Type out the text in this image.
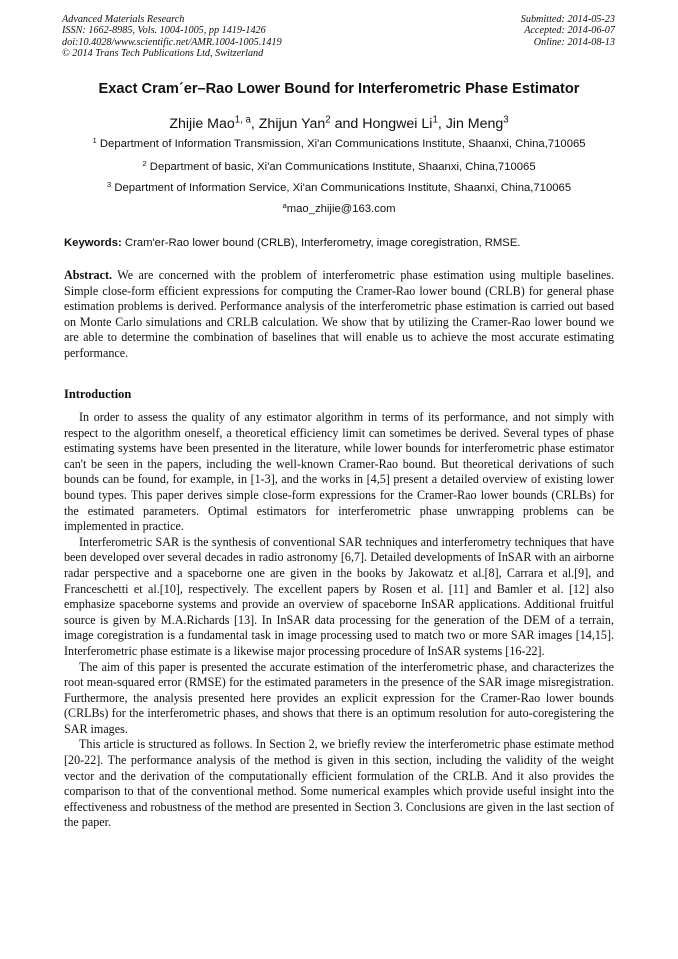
Advanced Materials Research
ISSN: 1662-8985, Vols. 1004-1005, pp 1419-1426
doi:10.4028/www.scientific.net/AMR.1004-1005.1419
© 2014 Trans Tech Publications Ltd, Switzerland
Submitted: 2014-05-23
Accepted: 2014-06-07
Online: 2014-08-13
Exact Cram´er–Rao Lower Bound for Interferometric Phase Estimator
Zhijie Mao$^{1, a}$, Zhijun Yan$^2$ and Hongwei Li$^1$, Jin Meng$^3$
$^1$ Department of Information Transmission, Xi'an Communications Institute, Shaanxi, China,710065
$^2$ Department of basic, Xi'an Communications Institute, Shaanxi, China,710065
$^3$ Department of Information Service, Xi'an Communications Institute, Shaanxi, China,710065
$^a$mao_zhijie@163.com
Keywords: Cram'er-Rao lower bound (CRLB), Interferometry, image coregistration, RMSE.

Abstract. We are concerned with the problem of interferometric phase estimation using multiple baselines. Simple close-form efficient expressions for computing the Cramer-Rao lower bound (CRLB) for general phase estimation problems is derived. Performance analysis of the interferometric phase estimation is carried out based on Monte Carlo simulations and CRLB calculation. We show that by utilizing the Cramer-Rao lower bound we are able to determine the combination of baselines that will enable us to achieve the most accurate estimating performance.

Introduction

In order to assess the quality of any estimator algorithm in terms of its performance, and not simply with respect to the algorithm oneself, a theoretical efficiency limit can sometimes be derived. Several types of phase estimating systems have been presented in the literature, while lower bounds for interferometric phase estimator can't be seen in the papers, including the well-known Cramer-Rao bound. But theoretical derivations of such bounds can be found, for example, in [1-3], and the works in [4,5] present a detailed overview of existing lower bound types. This paper derives simple close-form expressions for the Cramer-Rao lower bounds (CRLBs) for the estimated parameters. Optimal estimators for interferometric phase unwrapping problems can be implemented in practice.

Interferometric SAR is the synthesis of conventional SAR techniques and interferometry techniques that have been developed over several decades in radio astronomy [6,7]. Detailed developments of InSAR with an airborne radar perspective and a spaceborne one are given in the books by Jakowatz et al.[8], Carrara et al.[9], and Franceschetti et al.[10], respectively. The excellent papers by Rosen et al. [11] and Bamler et al. [12] also emphasize spaceborne systems and provide an overview of spaceborne InSAR applications. Additional fruitful source is given by M.A.Richards [13]. In InSAR data processing for the generation of the DEM of a terrain, image coregistration is a fundamental task in image processing used to match two or more SAR images [14,15]. Interferometric phase estimate is a likewise major processing procedure of InSAR systems [16-22].

The aim of this paper is presented the accurate estimation of the interferometric phase, and characterizes the root mean-squared error (RMSE) for the estimated parameters in the presence of the SAR image misregistration. Furthermore, the analysis presented here provides an explicit expression for the Cramer-Rao lower bounds (CRLBs) for the interferometric phases, and shows that there is an optimum resolution for auto-coregistering the SAR images.

This article is structured as follows. In Section 2, we briefly review the interferometric phase estimate method [20-22]. The performance analysis of the method is given in this section, including the validity of the weight vector and the derivation of the computationally efficient formulation of the CRLB. And it also provides the comparison to that of the conventional method. Some numerical examples which provide useful insight into the effectiveness and robustness of the method are presented in Section 3. Conclusions are given in the last section of the paper.
